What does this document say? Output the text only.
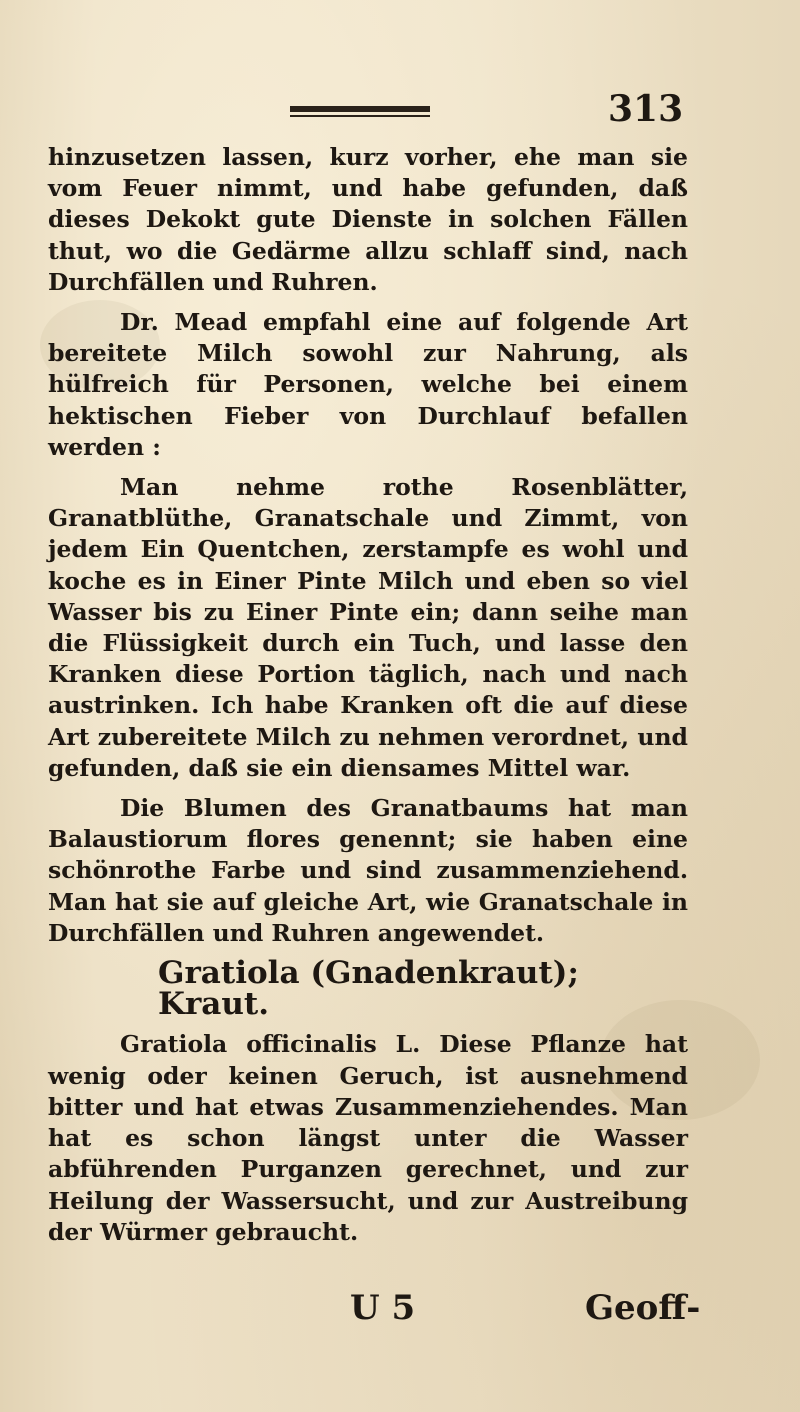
313

hinzusetzen lassen, kurz vorher, ehe man sie vom Feuer nimmt, und habe gefunden, daß dieses Dekokt gute Dienste in solchen Fällen thut, wo die Gedärme allzu schlaff sind, nach Durchfällen und Ruhren.

Dr. Mead empfahl eine auf folgende Art bereitete Milch sowohl zur Nahrung, als hülfreich für Personen, welche bei einem hektischen Fieber von Durchlauf befallen werden :

Man nehme rothe Rosenblätter, Granatblüthe, Granatschale und Zimmt, von jedem Ein Quentchen, zerstampfe es wohl und koche es in Einer Pinte Milch und eben so viel Wasser bis zu Einer Pinte ein; dann seihe man die Flüssigkeit durch ein Tuch, und lasse den Kranken diese Portion täglich, nach und nach austrinken. Ich habe Kranken oft die auf diese Art zubereitete Milch zu nehmen verordnet, und gefunden, daß sie ein diensames Mittel war.

Die Blumen des Granatbaums hat man Balaustiorum flores genennt; sie haben eine schönrothe Farbe und sind zusammenziehend. Man hat sie auf gleiche Art, wie Granatschale in Durchfällen und Ruhren angewendet.

Gratiola (Gnadenkraut); Kraut.

Gratiola officinalis L. Diese Pflanze hat wenig oder keinen Geruch, ist ausnehmend bitter und hat etwas Zusammenziehendes. Man hat es schon längst unter die Wasser abführenden Purganzen gerechnet, und zur Heilung der Wassersucht, und zur Austreibung der Würmer gebraucht.

U 5	Geoff-
